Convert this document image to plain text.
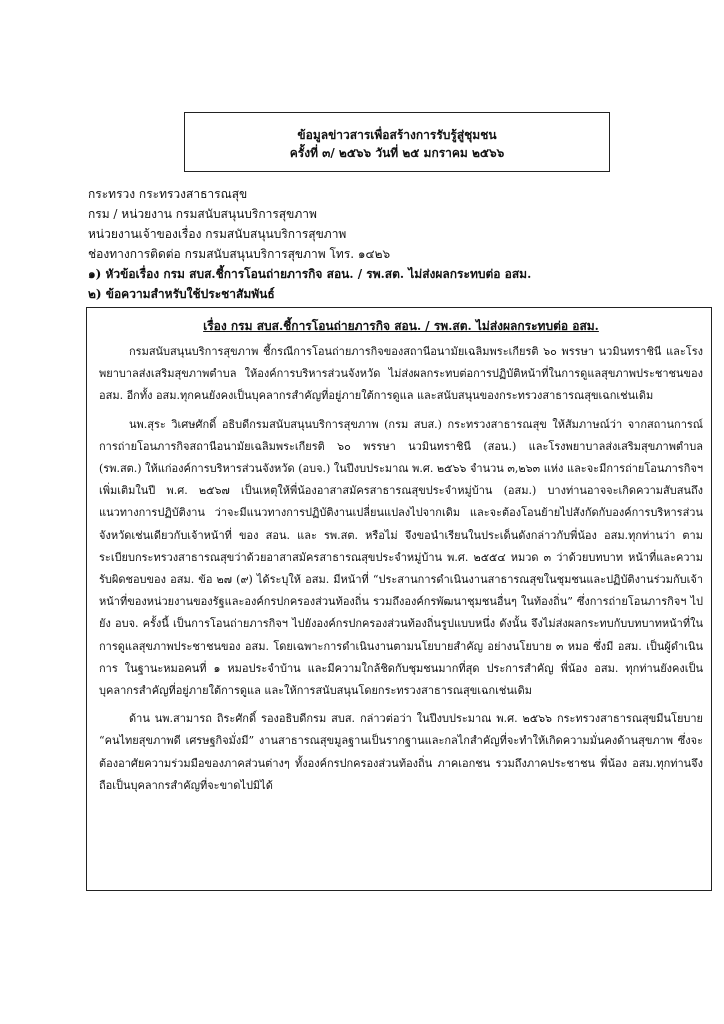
ข้อมูลข่าวสารเพื่อสร้างการรับรู้สู่ชุมชน
ครั้งที่ ๓/ ๒๕๖๖ วันที่ ๒๕ มกราคม ๒๕๖๖
กระทรวง กระทรวงสาธารณสุข
กรม / หน่วยงาน กรมสนับสนุนบริการสุขภาพ
หน่วยงานเจ้าของเรื่อง กรมสนับสนุนบริการสุขภาพ
ช่องทางการติดต่อ กรมสนับสนุนบริการสุขภาพ โทร. ๑๔๒๖
๑) หัวข้อเรื่อง กรม สบส.ชี้การโอนถ่ายภารกิจ สอน. / รพ.สต. ไม่ส่งผลกระทบต่อ อสม.
๒) ข้อความสำหรับใช้ประชาสัมพันธ์
เรื่อง กรม สบส.ชี้การโอนถ่ายภารกิจ สอน. / รพ.สต. ไม่ส่งผลกระทบต่อ อสม.

กรมสนับสนุนบริการสุขภาพ ชี้กรณีการโอนถ่ายภารกิจของสถานีอนามัยเฉลิมพระเกียรติ ๖๐ พรรษา นวมินทราชินี และโรงพยาบาลส่งเสริมสุขภาพตำบล ให้องค์การบริหารส่วนจังหวัด ไม่ส่งผลกระทบต่อการปฏิบัติหน้าที่ในการดูแลสุขภาพประชาชนของ อสม. อีกทั้ง อสม.ทุกคนยังคงเป็นบุคลากรสำคัญที่อยู่ภายใต้การดูแล และสนับสนุนของกระทรวงสาธารณสุขเฉกเช่นเดิม

นพ.สุระ วิเศษศักดิ์ อธิบดีกรมสนับสนุนบริการสุขภาพ (กรม สบส.) กระทรวงสาธารณสุข ให้สัมภาษณ์ว่า จากสถานการณ์การถ่ายโอนภารกิจสถานีอนามัยเฉลิมพระเกียรติ ๖๐ พรรษา นวมินทราชินี (สอน.) และโรงพยาบาลส่งเสริมสุขภาพตำบล (รพ.สต.) ให้แก่องค์การบริหารส่วนจังหวัด (อบจ.) ในปีงบประมาณ พ.ศ. ๒๕๖๖ จำนวน ๓,๒๖๓ แห่ง และจะมีการถ่ายโอนภารกิจฯ เพิ่มเติมในปี พ.ศ. ๒๕๖๗ เป็นเหตุให้พี่น้องอาสาสมัครสาธารณสุขประจำหมู่บ้าน (อสม.) บางท่านอาจจะเกิดความสับสนถึงแนวทางการปฏิบัติงาน ว่าจะมีแนวทางการปฏิบัติงานเปลี่ยนแปลงไปจากเดิม และจะต้องโอนย้ายไปสังกัดกับองค์การบริหารส่วนจังหวัดเช่นเดียวกับเจ้าหน้าที่ ของ สอน. และ รพ.สต. หรือไม่ จึงขอนำเรียนในประเด็นดังกล่าวกับพี่น้อง อสม.ทุกท่านว่า ตามระเบียบกระทรวงสาธารณสุขว่าด้วยอาสาสมัครสาธารณสุขประจำหมู่บ้าน พ.ศ. ๒๕๕๔ หมวด ๓ ว่าด้วยบทบาท หน้าที่และความรับผิดชอบของ อสม. ข้อ ๒๗ (๙) ได้ระบุให้ อสม. มีหน้าที่ “ประสานการดำเนินงานสาธารณสุขในชุมชนและปฏิบัติงานร่วมกับเจ้าหน้าที่ของหน่วยงานของรัฐและองค์กรปกครองส่วนท้องถิ่น รวมถึงองค์กรพัฒนาชุมชนอื่นๆ ในท้องถิ่น” ซึ่งการถ่ายโอนภารกิจฯ ไปยัง อบจ. ครั้งนี้ เป็นการโอนถ่ายภารกิจฯ ไปยังองค์กรปกครองส่วนท้องถิ่นรูปแบบหนึ่ง ดังนั้น จึงไม่ส่งผลกระทบกับบทบาทหน้าที่ในการดูแลสุขภาพประชาชนของ อสม. โดยเฉพาะการดำเนินงานตามนโยบายสำคัญ อย่างนโยบาย ๓ หมอ ซึ่งมี อสม. เป็นผู้ดำเนินการ ในฐานะหมอคนที่ ๑ หมอประจำบ้าน และมีความใกล้ชิดกับชุมชนมากที่สุด ประการสำคัญ พี่น้อง อสม. ทุกท่านยังคงเป็นบุคลากรสำคัญที่อยู่ภายใต้การดูแล และให้การสนับสนุนโดยกระทรวงสาธารณสุขเฉกเช่นเดิม

ด้าน นพ.สามารถ ถิระศักดิ์ รองอธิบดีกรม สบส. กล่าวต่อว่า ในปีงบประมาณ พ.ศ. ๒๕๖๖ กระทรวงสาธารณสุขมีนโยบาย “คนไทยสุขภาพดี เศรษฐกิจมั่งมี” งานสาธารณสุขมูลฐานเป็นรากฐานและกลไกสำคัญที่จะทำให้เกิดความมั่นคงด้านสุขภาพ ซึ่งจะต้องอาศัยความร่วมมือของภาคส่วนต่างๆ ทั้งองค์กรปกครองส่วนท้องถิ่น ภาคเอกชน รวมถึงภาคประชาชน พี่น้อง อสม.ทุกท่านจึงถือเป็นบุคลากรสำคัญที่จะขาดไปมิได้
